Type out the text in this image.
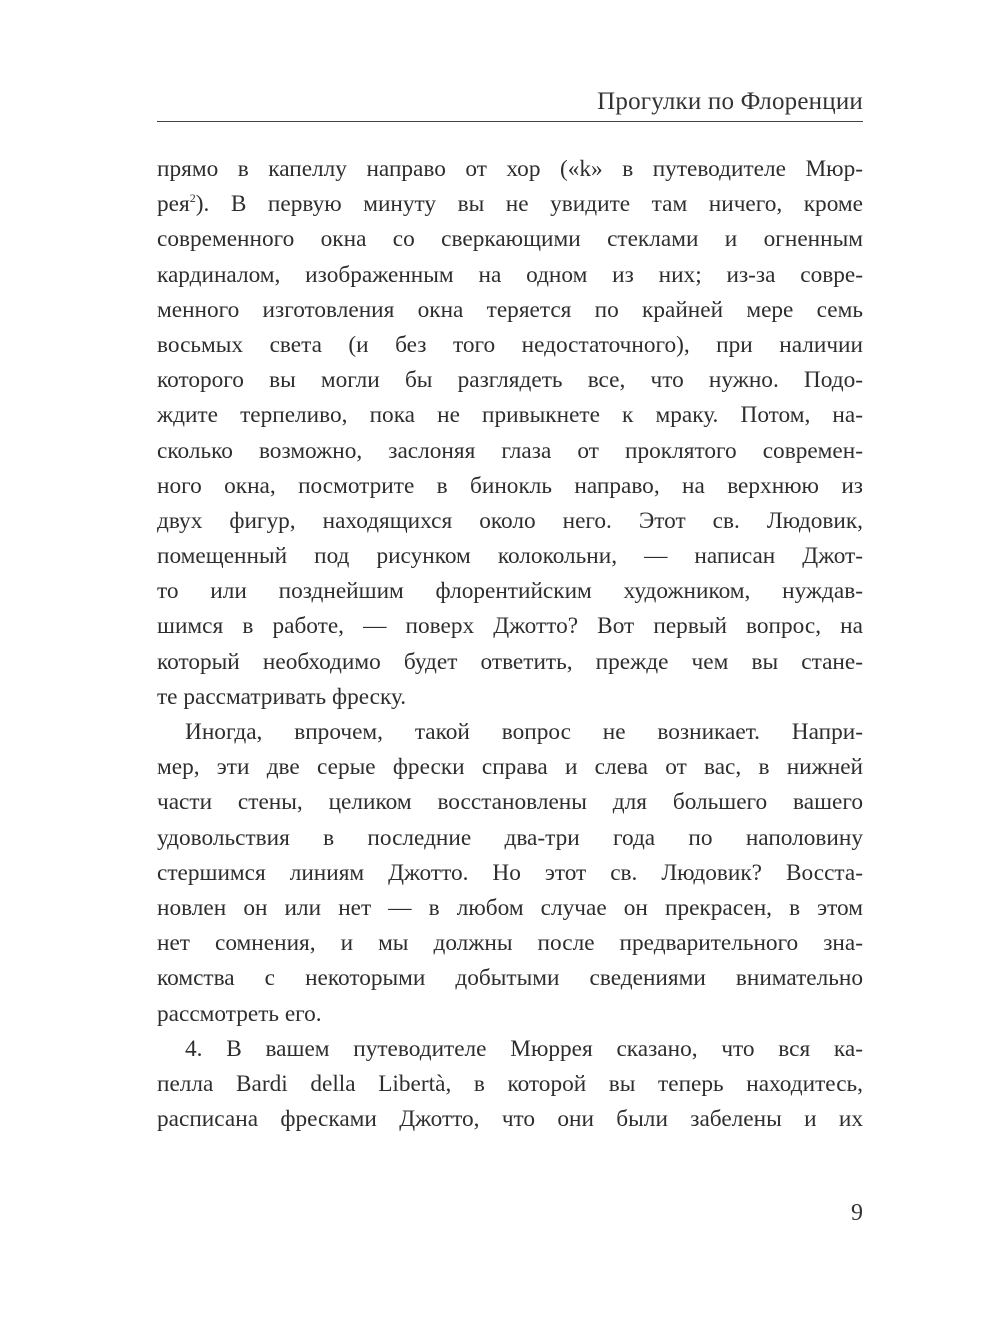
Прогулки по Флоренции
прямо в капеллу направо от хор («k» в путеводителе Мюр-
рея$^2$). В первую минуту вы не увидите там ничего, кроме
современного окна со сверкающими стеклами и огненным
кардиналом, изображенным на одном из них; из-за совре-
менного изготовления окна теряется по крайней мере семь
восьмых света (и без того недостаточного), при наличии
которого вы могли бы разглядеть все, что нужно. Подо-
ждите терпеливо, пока не привыкнете к мраку. Потом, на-
сколько возможно, заслоняя глаза от проклятого современ-
ного окна, посмотрите в бинокль направо, на верхнюю из
двух фигур, находящихся около него. Этот св. Людовик,
помещенный под рисунком колокольни, — написан Джот-
то или позднейшим флорентийским художником, нуждав-
шимся в работе, — поверх Джотто? Вот первый вопрос, на
который необходимо будет ответить, прежде чем вы стане-
те рассматривать фреску.
Иногда, впрочем, такой вопрос не возникает. Напри-
мер, эти две серые фрески справа и слева от вас, в нижней
части стены, целиком восстановлены для большего вашего
удовольствия в последние два-три года по наполовину
стершимся линиям Джотто. Но этот св. Людовик? Восста-
новлен он или нет — в любом случае он прекрасен, в этом
нет сомнения, и мы должны после предварительного зна-
комства с некоторыми добытыми сведениями внимательно
рассмотреть его.
4. В вашем путеводителе Мюррея сказано, что вся ка-
пелла Bardi della Libertà, в которой вы теперь находитесь,
расписана фресками Джотто, что они были забелены и их
9
